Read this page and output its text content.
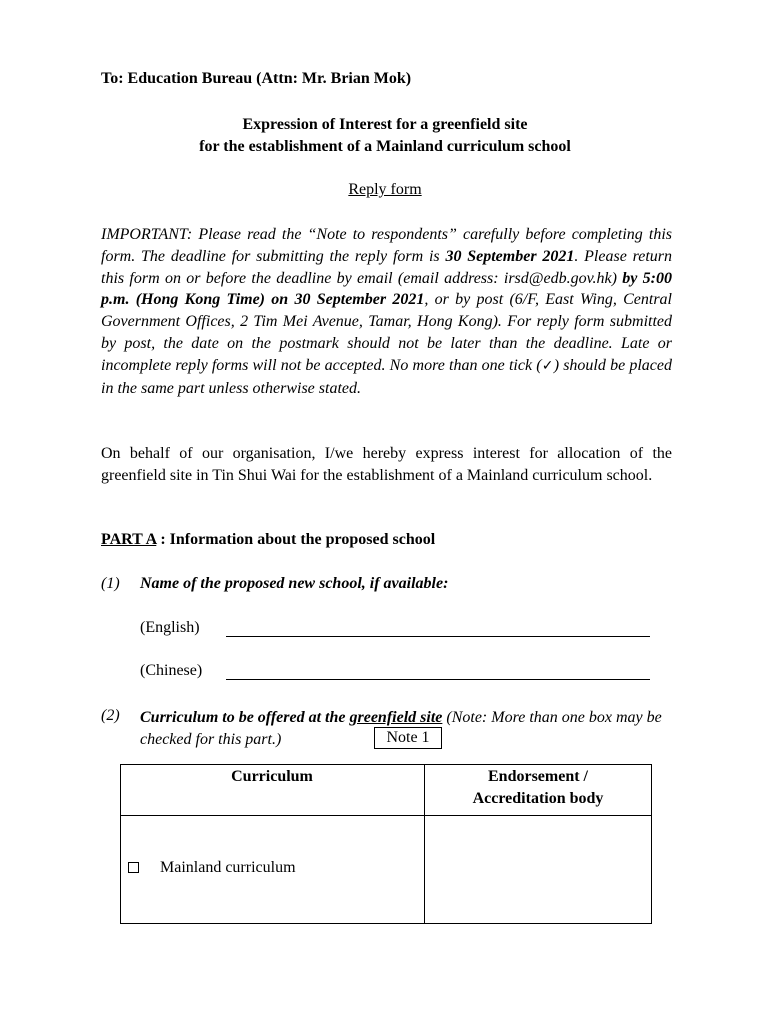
To: Education Bureau (Attn: Mr. Brian Mok)
Expression of Interest for a greenfield site
for the establishment of a Mainland curriculum school
Reply form
IMPORTANT: Please read the “Note to respondents” carefully before completing this form. The deadline for submitting the reply form is 30 September 2021. Please return this form on or before the deadline by email (email address: irsd@edb.gov.hk) by 5:00 p.m. (Hong Kong Time) on 30 September 2021, or by post (6/F, East Wing, Central Government Offices, 2 Tim Mei Avenue, Tamar, Hong Kong). For reply form submitted by post, the date on the postmark should not be later than the deadline. Late or incomplete reply forms will not be accepted. No more than one tick (✓) should be placed in the same part unless otherwise stated.
On behalf of our organisation, I/we hereby express interest for allocation of the greenfield site in Tin Shui Wai for the establishment of a Mainland curriculum school.
PART A : Information about the proposed school
(1) Name of the proposed new school, if available:
(English)
(Chinese)
(2) Curriculum to be offered at the greenfield site (Note: More than one box may be checked for this part.)	Note 1
Curriculum	Endorsement /
Accreditation body
Mainland curriculum
